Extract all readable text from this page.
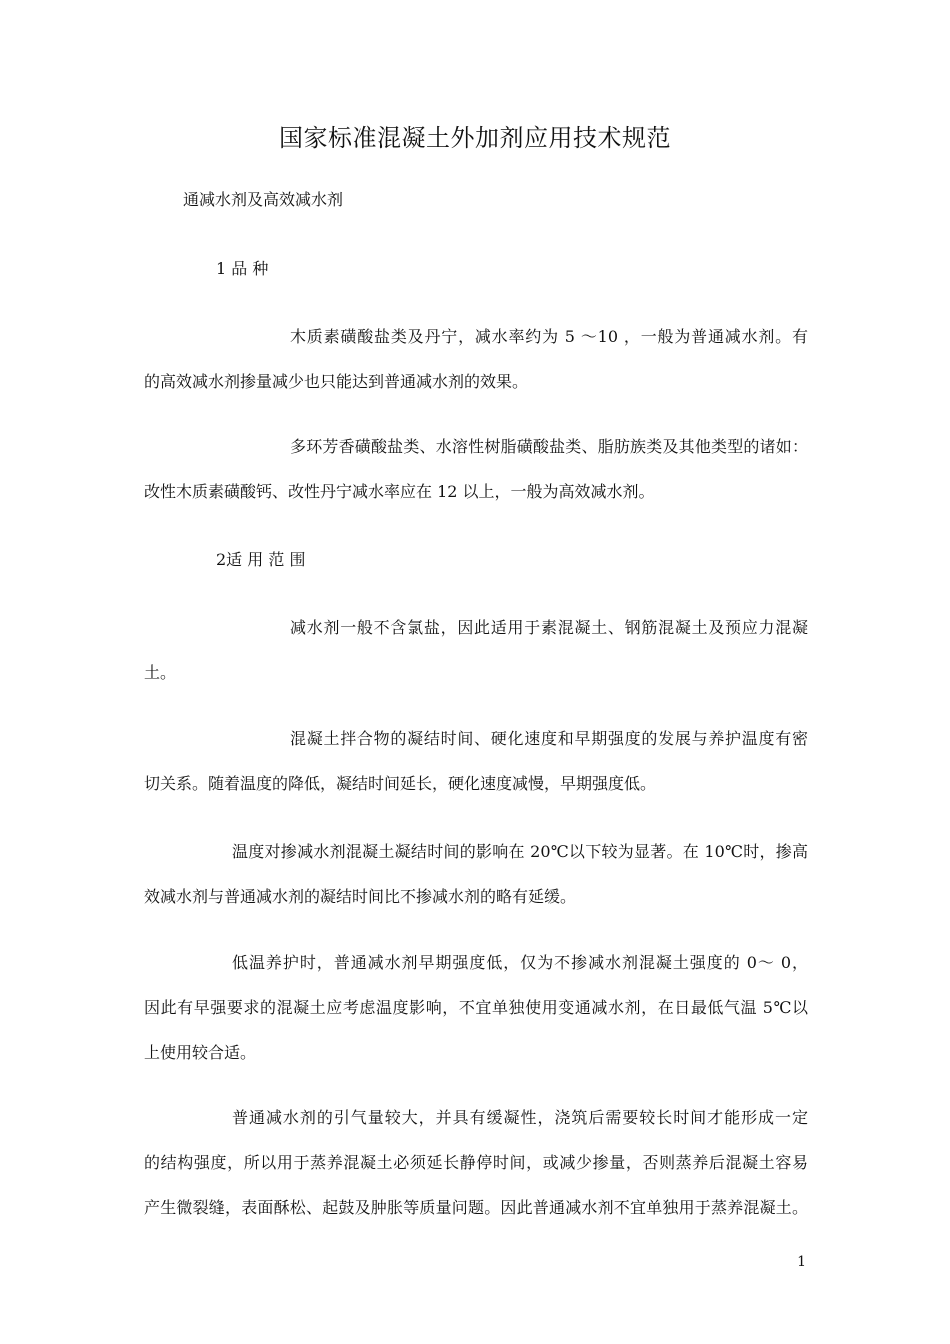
国家标准混凝土外加剂应用技术规范
通减水剂及高效减水剂
1 品 种
木质素磺酸盐类及丹宁，减水率约为 5 ～10 ，一般为普通减水剂。有
的高效减水剂掺量减少也只能达到普通减水剂的效果。
多环芳香磺酸盐类、水溶性树脂磺酸盐类、脂肪族类及其他类型的诸如：
改性木质素磺酸钙、改性丹宁减水率应在 12 以上，一般为高效减水剂。
2适 用 范 围
减水剂一般不含氯盐，因此适用于素混凝土、钢筋混凝土及预应力混凝
土。
混凝土拌合物的凝结时间、硬化速度和早期强度的发展与养护温度有密
切关系。随着温度的降低，凝结时间延长，硬化速度减慢，早期强度低。
温度对掺减水剂混凝土凝结时间的影响在 20℃以下较为显著。在 10℃时，掺高
效减水剂与普通减水剂的凝结时间比不掺减水剂的略有延缓。
低温养护时，普通减水剂早期强度低，仅为不掺减水剂混凝土强度的 0～ 0，
因此有早强要求的混凝土应考虑温度影响，不宜单独使用变通减水剂，在日最低气温 5℃以
上使用较合适。
普通减水剂的引气量较大，并具有缓凝性，浇筑后需要较长时间才能形成一定
的结构强度，所以用于蒸养混凝土必须延长静停时间，或减少掺量，否则蒸养后混凝土容易
产生微裂缝，表面酥松、起鼓及肿胀等质量问题。因此普通减水剂不宜单独用于蒸养混凝土。
1
